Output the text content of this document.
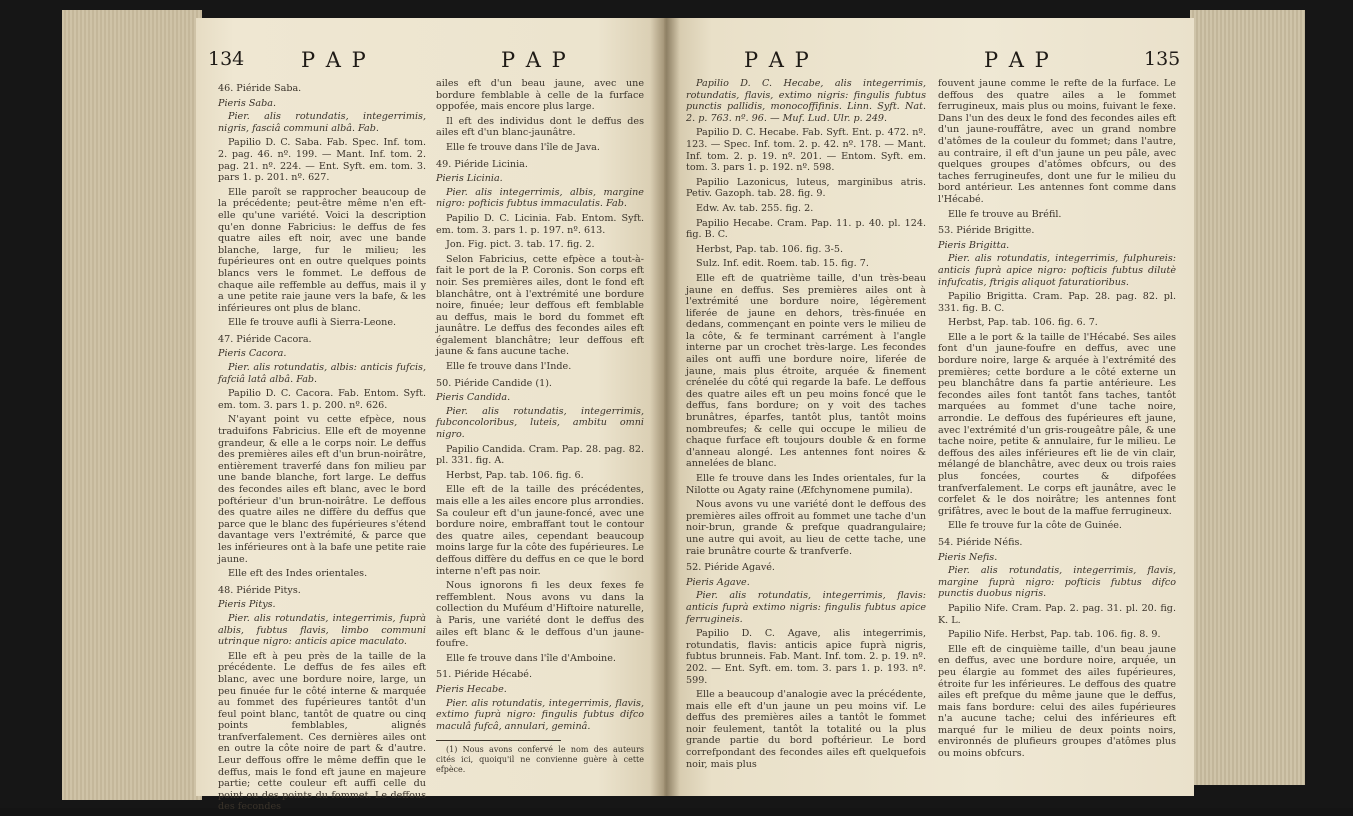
134	P A P	P A P

46. Piéride Saba.

Pieris Saba.

Pier. alis rotundatis, integerrimis, nigris, fasciâ communi albâ. Fab.

Papilio D. C. Saba. Fab. Spec. Inf. tom. 2. pag. 46. nº. 199. — Mant. Inf. tom. 2. pag. 21. nº. 224. — Ent. Syft. em. tom. 3. pars 1. p. 201. nº. 627.

Elle paroît se rapprocher beaucoup de la précédente; peut-être même n'en eft-elle qu'une variété. Voici la description qu'en donne Fabricius: le deffus de fes quatre ailes eft noir, avec une bande blanche, large, fur le milieu; les fupérieures ont en outre quelques points blancs vers le fommet. Le deffous de chaque aile reffemble au deffus, mais il y a une petite raie jaune vers la bafe, & les inférieures ont plus de blanc.

Elle fe trouve aufli à Sierra-Leone.

47. Piéride Cacora.

Pieris Cacora.

Pier. alis rotundatis, albis: anticis fufcis, fafciâ latâ albâ. Fab.

Papilio D. C. Cacora. Fab. Entom. Syft. em. tom. 3. pars 1. p. 200. nº. 626.

N'ayant point vu cette efpèce, nous traduifons Fabricius. Elle eft de moyenne grandeur, & elle a le corps noir. Le deffus des premières ailes eft d'un brun-noirâtre, entièrement traverfé dans fon milieu par une bande blanche, fort large. Le deffus des fecondes ailes eft blanc, avec le bord poftérieur d'un brun-noirâtre. Le deffous des quatre ailes ne diffère du deffus que parce que le blanc des fupérieures s'étend davantage vers l'extrémité, & parce que les inférieures ont à la bafe une petite raie jaune.

Elle eft des Indes orientales.

48. Piéride Pitys.

Pieris Pitys.

Pier. alis rotundatis, integerrimis, fuprà albis, fubtus flavis, limbo communi utrinque nigro: anticis apice maculato.

Elle eft à peu près de la taille de la précédente. Le deffus de fes ailes eft blanc, avec une bordure noire, large, un peu finuée fur le côté interne & marquée au fommet des fupérieures tantôt d'un feul point blanc, tantôt de quatre ou cinq points femblables, alignés tranfverfalement. Ces dernières ailes ont en outre la côte noire de part & d'autre. Leur deffous offre le même deffin que le deffus, mais le fond eft jaune en majeure partie; cette couleur eft auffi celle du point ou des points du fommet. Le deffous des fecondes

ailes eft d'un beau jaune, avec une bordure femblable à celle de la furface oppofée, mais encore plus large.

Il eft des individus dont le deffus des ailes eft d'un blanc-jaunâtre.

Elle fe trouve dans l'île de Java.

49. Piéride Licinia.

Pieris Licinia.

Pier. alis integerrimis, albis, margine nigro: pofticis fubtus immaculatis. Fab.

Papilio D. C. Licinia. Fab. Entom. Syft. em. tom. 3. pars 1. p. 197. nº. 613.

Jon. Fig. pict. 3. tab. 17. fig. 2.

Selon Fabricius, cette efpèce a tout-à-fait le port de la P. Coronis. Son corps eft noir. Ses premières ailes, dont le fond eft blanchâtre, ont à l'extrémité une bordure noire, finuée; leur deffous eft femblable au deffus, mais le bord du fommet eft jaunâtre. Le deffus des fecondes ailes eft également blanchâtre; leur deffous eft jaune & fans aucune tache.

Elle fe trouve dans l'Inde.

50. Piéride Candide (1).

Pieris Candida.

Pier. alis rotundatis, integerrimis, fubconcoloribus, luteis, ambitu omni nigro.

Papilio Candida. Cram. Pap. 28. pag. 82. pl. 331. fig. A.

Herbst, Pap. tab. 106. fig. 6.

Elle eft de la taille des précédentes, mais elle a les ailes encore plus arrondies. Sa couleur eft d'un jaune-foncé, avec une bordure noire, embraffant tout le contour des quatre ailes, cependant beaucoup moins large fur la côte des fupérieures. Le deffous diffère du deffus en ce que le bord interne n'eft pas noir.

Nous ignorons fi les deux fexes fe reffemblent. Nous avons vu dans la collection du Muféum d'Hiftoire naturelle, à Paris, une variété dont le deffus des ailes eft blanc & le deffous d'un jaune-foufre.

Elle fe trouve dans l'île d'Amboine.

51. Piéride Hécabé.

Pieris Hecabe.

Pier. alis rotundatis, integerrimis, flavis, extimo fuprà nigro: fingulis fubtus difco maculâ fufcâ, annulari, geminâ.

(1) Nous avons confervé le nom des auteurs cités ici, quoiqu'il ne convienne guère à cette efpèce.

P A P	P A P	135

Papilio D. C. Hecabe, alis integerrimis, rotundatis, flavis, extimo nigris: fingulis fubtus punctis pallidis, monocoffifinis. Linn. Syft. Nat. 2. p. 763. nº. 96. — Muf. Lud. Ulr. p. 249.

Papilio D. C. Hecabe. Fab. Syft. Ent. p. 472. nº. 123. — Spec. Inf. tom. 2. p. 42. nº. 178. — Mant. Inf. tom. 2. p. 19. nº. 201. — Entom. Syft. em. tom. 3. pars 1. p. 192. nº. 598.

Papilio Lazonicus, luteus, marginibus atris. Petiv. Gazoph. tab. 28. fig. 9.

Edw. Av. tab. 255. fig. 2.

Papilio Hecabe. Cram. Pap. 11. p. 40. pl. 124. fig. B. C.

Herbst, Pap. tab. 106. fig. 3-5.

Sulz. Inf. edit. Roem. tab. 15. fig. 7.

Elle eft de quatrième taille, d'un très-beau jaune en deffus. Ses premières ailes ont à l'extrémité une bordure noire, légèrement liferée de jaune en dehors, très-finuée en dedans, commençant en pointe vers le milieu de la côte, & fe terminant carrément à l'angle interne par un crochet très-large. Les fecondes ailes ont auffi une bordure noire, liferée de jaune, mais plus étroite, arquée & finement crénelée du côté qui regarde la bafe. Le deffous des quatre ailes eft un peu moins foncé que le deffus, fans bordure; on y voit des taches brunâtres, éparfes, tantôt plus, tantôt moins nombreufes; & celle qui occupe le milieu de chaque furface eft toujours double & en forme d'anneau alongé. Les antennes font noires & annelées de blanc.

Elle fe trouve dans les Indes orientales, fur la Nilotte ou Agaty raine (Æfchynomene pumila).

Nous avons vu une variété dont le deffous des premières ailes offroit au fommet une tache d'un noir-brun, grande & prefque quadrangulaire; une autre qui avoit, au lieu de cette tache, une raie brunâtre courte & tranfverfe.

52. Piéride Agavé.

Pieris Agave.

Pier. alis rotundatis, integerrimis, flavis: anticis fuprà extimo nigris: fingulis fubtus apice ferrugineis.

Papilio D. C. Agave, alis integerrimis, rotundatis, flavis: anticis apice fuprà nigris, fubtus brunneis. Fab. Mant. Inf. tom. 2. p. 19. nº. 202. — Ent. Syft. em. tom. 3. pars 1. p. 193. nº. 599.

Elle a beaucoup d'analogie avec la précédente, mais elle eft d'un jaune un peu moins vif. Le deffus des premières ailes a tantôt le fommet noir feulement, tantôt la totalité ou la plus grande partie du bord poftérieur. Le bord correfpondant des fecondes ailes eft quelquefois noir, mais plus

fouvent jaune comme le refte de la furface. Le deffous des quatre ailes a le fommet ferrugineux, mais plus ou moins, fuivant le fexe. Dans l'un des deux le fond des fecondes ailes eft d'un jaune-rouffâtre, avec un grand nombre d'atômes de la couleur du fommet; dans l'autre, au contraire, il eft d'un jaune un peu pâle, avec quelques groupes d'atômes obfcurs, ou des taches ferrugineufes, dont une fur le milieu du bord antérieur. Les antennes font comme dans l'Hécabé.

Elle fe trouve au Bréfil.

53. Piéride Brigitte.

Pieris Brigitta.

Pier. alis rotundatis, integerrimis, fulphureis: anticis fuprà apice nigro: pofticis fubtus dilutè infufcatis, ftrigis aliquot faturatioribus.

Papilio Brigitta. Cram. Pap. 28. pag. 82. pl. 331. fig. B. C.

Herbst, Pap. tab. 106. fig. 6. 7.

Elle a le port & la taille de l'Hécabé. Ses ailes font d'un jaune-foufre en deffus, avec une bordure noire, large & arquée à l'extrémité des premières; cette bordure a le côté externe un peu blanchâtre dans fa partie antérieure. Les fecondes ailes font tantôt fans taches, tantôt marquées au fommet d'une tache noire, arrondie. Le deffous des fupérieures eft jaune, avec l'extrémité d'un gris-rougeâtre pâle, & une tache noire, petite & annulaire, fur le milieu. Le deffous des ailes inférieures eft lie de vin clair, mélangé de blanchâtre, avec deux ou trois raies plus foncées, courtes & difpofées tranfverfalement. Le corps eft jaunâtre, avec le corfelet & le dos noirâtre; les antennes font grifâtres, avec le bout de la maffue ferrugineux.

Elle fe trouve fur la côte de Guinée.

54. Piéride Néfis.

Pieris Nefis.

Pier. alis rotundatis, integerrimis, flavis, margine fuprà nigro: pofticis fubtus difco punctis duobus nigris.

Papilio Nife. Cram. Pap. 2. pag. 31. pl. 20. fig. K. L.

Papilio Nife. Herbst, Pap. tab. 106. fig. 8. 9.

Elle eft de cinquième taille, d'un beau jaune en deffus, avec une bordure noire, arquée, un peu élargie au fommet des ailes fupérieures, étroite fur les inférieures. Le deffous des quatre ailes eft prefque du même jaune que le deffus, mais fans bordure: celui des ailes fupérieures n'a aucune tache; celui des inférieures eft marqué fur le milieu de deux points noirs, environnés de plufieurs groupes d'atômes plus ou moins obfcurs.
